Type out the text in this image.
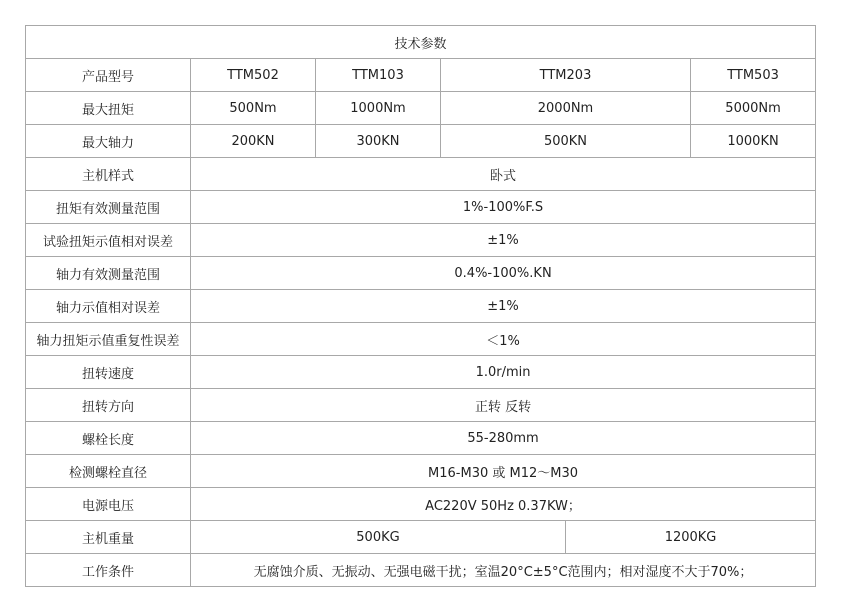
技术参数					
产品型号	TTM502	TTM103	TTM203		TTM503
最大扭矩	500Nm	1000Nm	2000Nm		5000Nm
最大轴力	200KN	300KN	500KN		1000KN
主机样式	卧式				
扭矩有效测量范围	1%-100%F.S				
试验扭矩示值相对误差	±1%				
轴力有效测量范围	0.4%-100%.KN				
轴力示值相对误差	±1%				
轴力扭矩示值重复性误差	＜1%				
扭转速度	1.0r/min				
扭转方向	正转 反转				
螺栓长度	55-280mm				
检测螺栓直径	M16-M30 或 M12～M30				
电源电压	AC220V 50Hz 0.37KW；				
主机重量	500KG			1200KG	
工作条件	无腐蚀介质、无振动、无强电磁干扰；室温20°C±5°C范围内；相对湿度不大于70%；				
